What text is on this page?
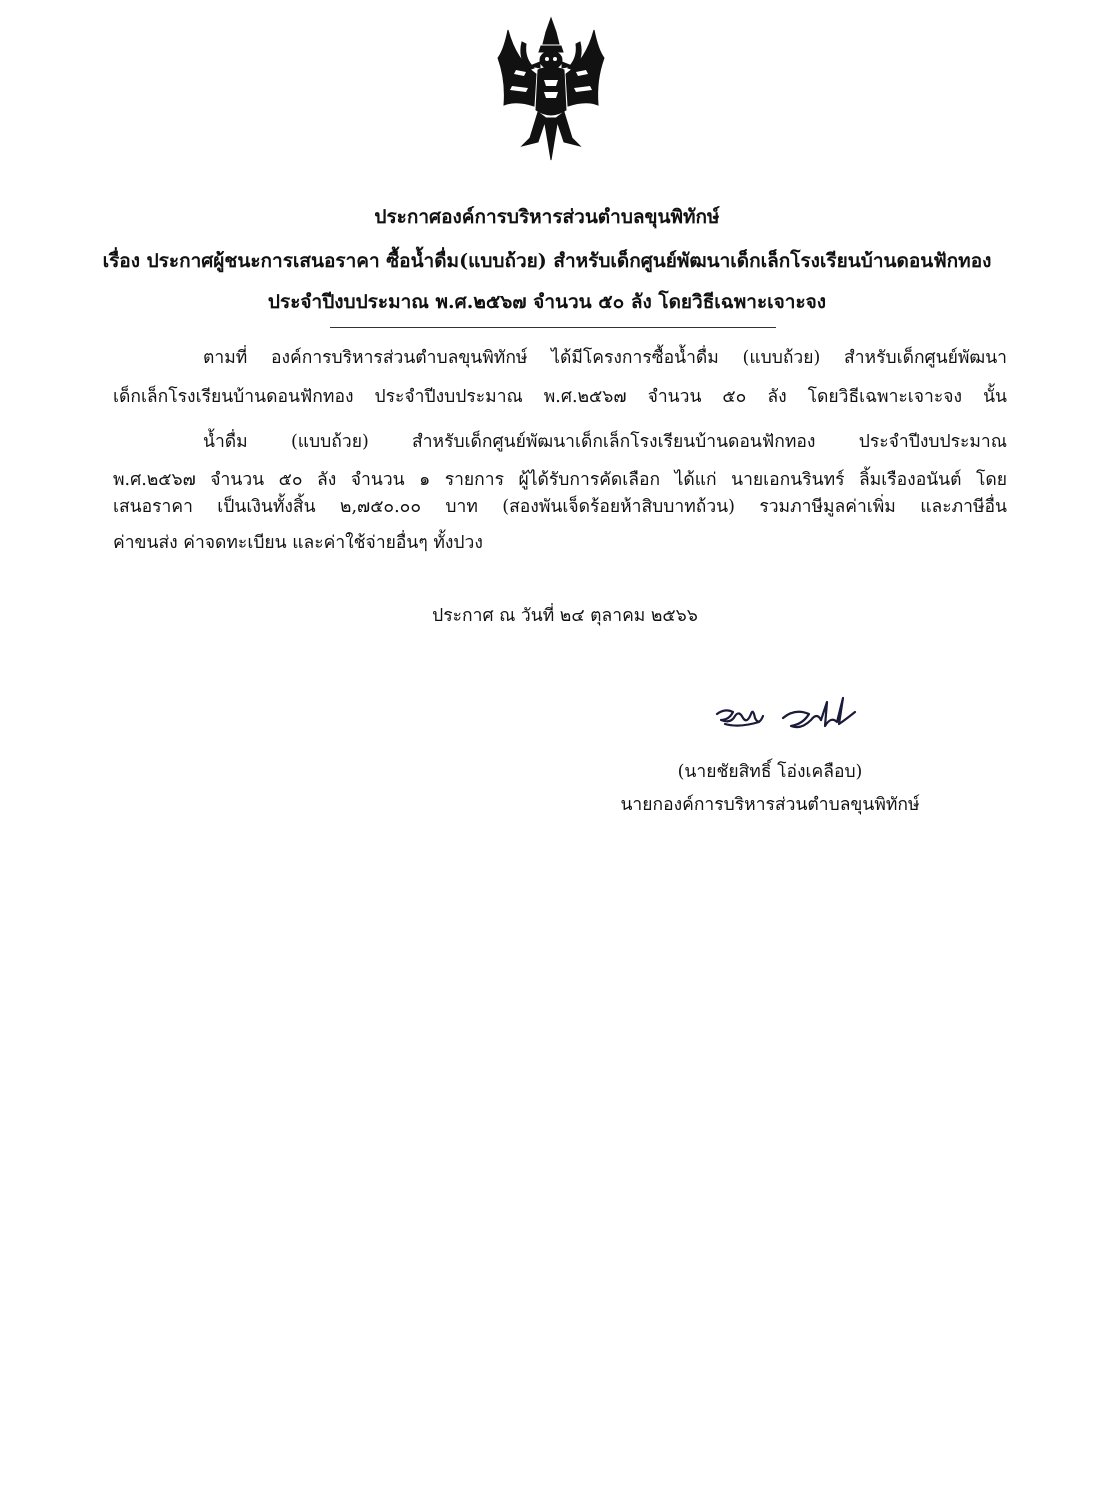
ประกาศองค์การบริหารส่วนตำบลขุนพิทักษ์
เรื่อง ประกาศผู้ชนะการเสนอราคา ซื้อน้ำดื่ม(แบบถ้วย) สำหรับเด็กศูนย์พัฒนาเด็กเล็กโรงเรียนบ้านดอนฟักทอง
ประจำปีงบประมาณ พ.ศ.๒๕๖๗ จำนวน ๕๐ ลัง โดยวิธีเฉพาะเจาะจง
ตามที่ องค์การบริหารส่วนตำบลขุนพิทักษ์ ได้มีโครงการซื้อน้ำดื่ม (แบบถ้วย) สำหรับเด็กศูนย์พัฒนา
เด็กเล็กโรงเรียนบ้านดอนฟักทอง ประจำปีงบประมาณ พ.ศ.๒๕๖๗ จำนวน ๕๐ ลัง โดยวิธีเฉพาะเจาะจง นั้น
น้ำดื่ม (แบบถ้วย) สำหรับเด็กศูนย์พัฒนาเด็กเล็กโรงเรียนบ้านดอนฟักทอง ประจำปีงบประมาณ
พ.ศ.๒๕๖๗ จำนวน ๕๐ ลัง จำนวน ๑ รายการ ผู้ได้รับการคัดเลือก ได้แก่ นายเอกนรินทร์ ลิ้มเรืองอนันต์ โดย
เสนอราคา เป็นเงินทั้งสิ้น ๒,๗๕๐.๐๐ บาท (สองพันเจ็ดร้อยห้าสิบบาทถ้วน) รวมภาษีมูลค่าเพิ่ม และภาษีอื่น
ค่าขนส่ง ค่าจดทะเบียน และค่าใช้จ่ายอื่นๆ ทั้งปวง
ประกาศ ณ วันที่ ๒๔ ตุลาคม ๒๕๖๖
(นายชัยสิทธิ์ โอ่งเคลือบ)
นายกองค์การบริหารส่วนตำบลขุนพิทักษ์
